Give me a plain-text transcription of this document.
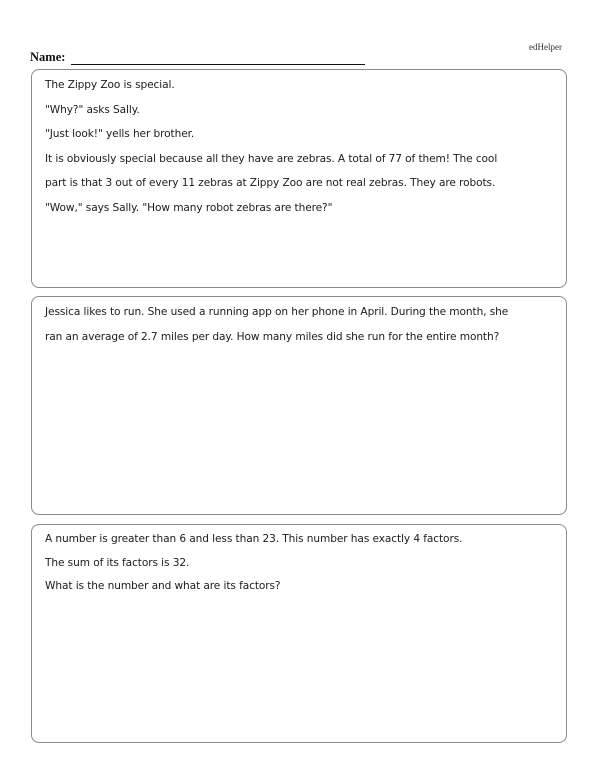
edHelper
Name:
The Zippy Zoo is special.
"Why?" asks Sally.
"Just look!" yells her brother.
It is obviously special because all they have are zebras. A total of 77 of them! The cool
part is that 3 out of every 11 zebras at Zippy Zoo are not real zebras. They are robots.
"Wow," says Sally. "How many robot zebras are there?"
Jessica likes to run. She used a running app on her phone in April. During the month, she
ran an average of 2.7 miles per day. How many miles did she run for the entire month?
A number is greater than 6 and less than 23. This number has exactly 4 factors.
The sum of its factors is 32.
What is the number and what are its factors?
